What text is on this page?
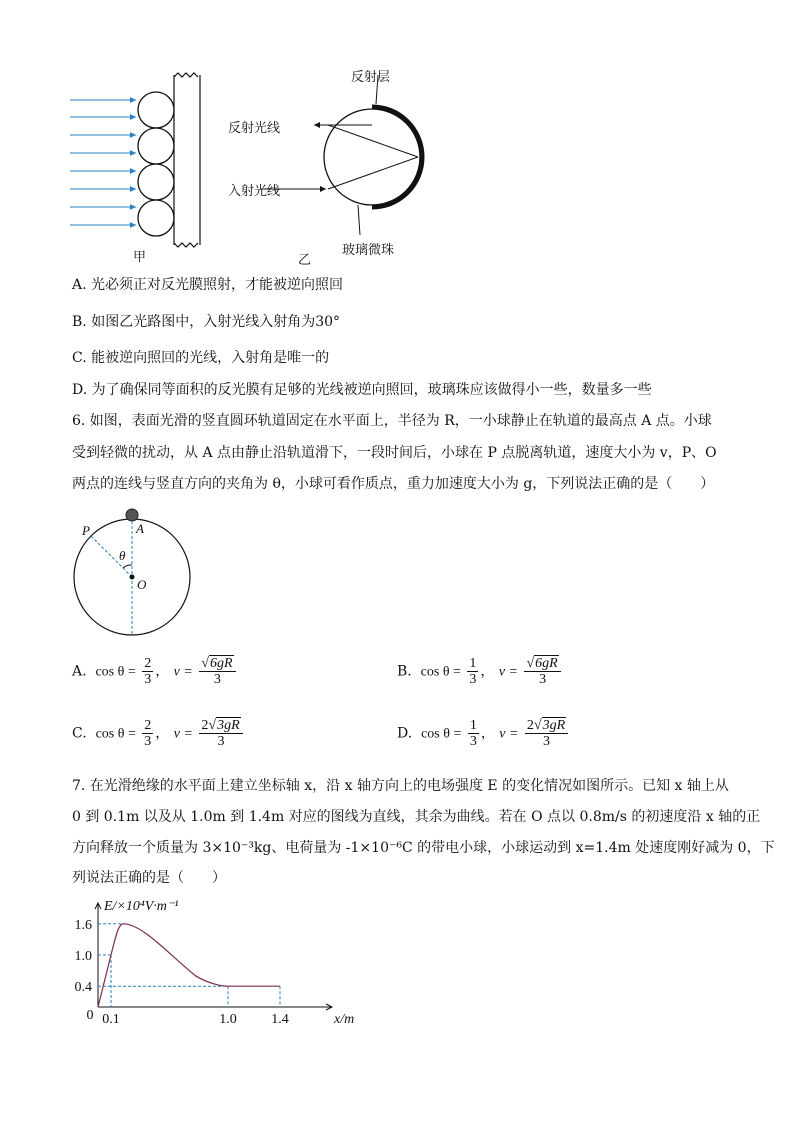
甲	乙
反射层
反射光线
入射光线
玻璃微珠
A. 光必须正对反光膜照射，才能被逆向照回
B. 如图乙光路图中，入射光线入射角为30°
C. 能被逆向照回的光线，入射角是唯一的
D. 为了确保同等面积的反光膜有足够的光线被逆向照回，玻璃珠应该做得小一些，数量多一些
6. 如图，表面光滑的竖直圆环轨道固定在水平面上，半径为 R，一小球静止在轨道的最高点 A 点。小球
受到轻微的扰动，从 A 点由静止沿轨道滑下，一段时间后，小球在 P 点脱离轨道，速度大小为 v，P、O
两点的连线与竖直方向的夹角为 θ，小球可看作质点，重力加速度大小为 g，下列说法正确的是（　　）
P	A
θ
O
A. $\cos \theta = \frac{2}{3}$ ， $v = \frac{√6gR}{3}$	B. $\cos \theta = \frac{1}{3}$ ， $v = \frac{√6gR}{3}$
C. $\cos \theta = \frac{2}{3}$ ， $v = \frac{2√3gR}{3}$	D. $\cos \theta = \frac{1}{3}$ ， $v = \frac{2√3gR}{3}$
7. 在光滑绝缘的水平面上建立坐标轴 x，沿 x 轴方向上的电场强度 E 的变化情况如图所示。已知 x 轴上从
0 到 0.1m 以及从 1.0m 到 1.4m 对应的图线为直线，其余为曲线。若在 O 点以 0.8m/s 的初速度沿 x 轴的正
方向释放一个质量为 3×10⁻³kg、电荷量为 -1×10⁻⁶C 的带电小球，小球运动到 x=1.4m 处速度刚好减为 0，下
列说法正确的是（　　）
0.4
1.0
1.6
0.1	1.0 1.4
0	x/m
E/×10⁴V·m⁻¹
